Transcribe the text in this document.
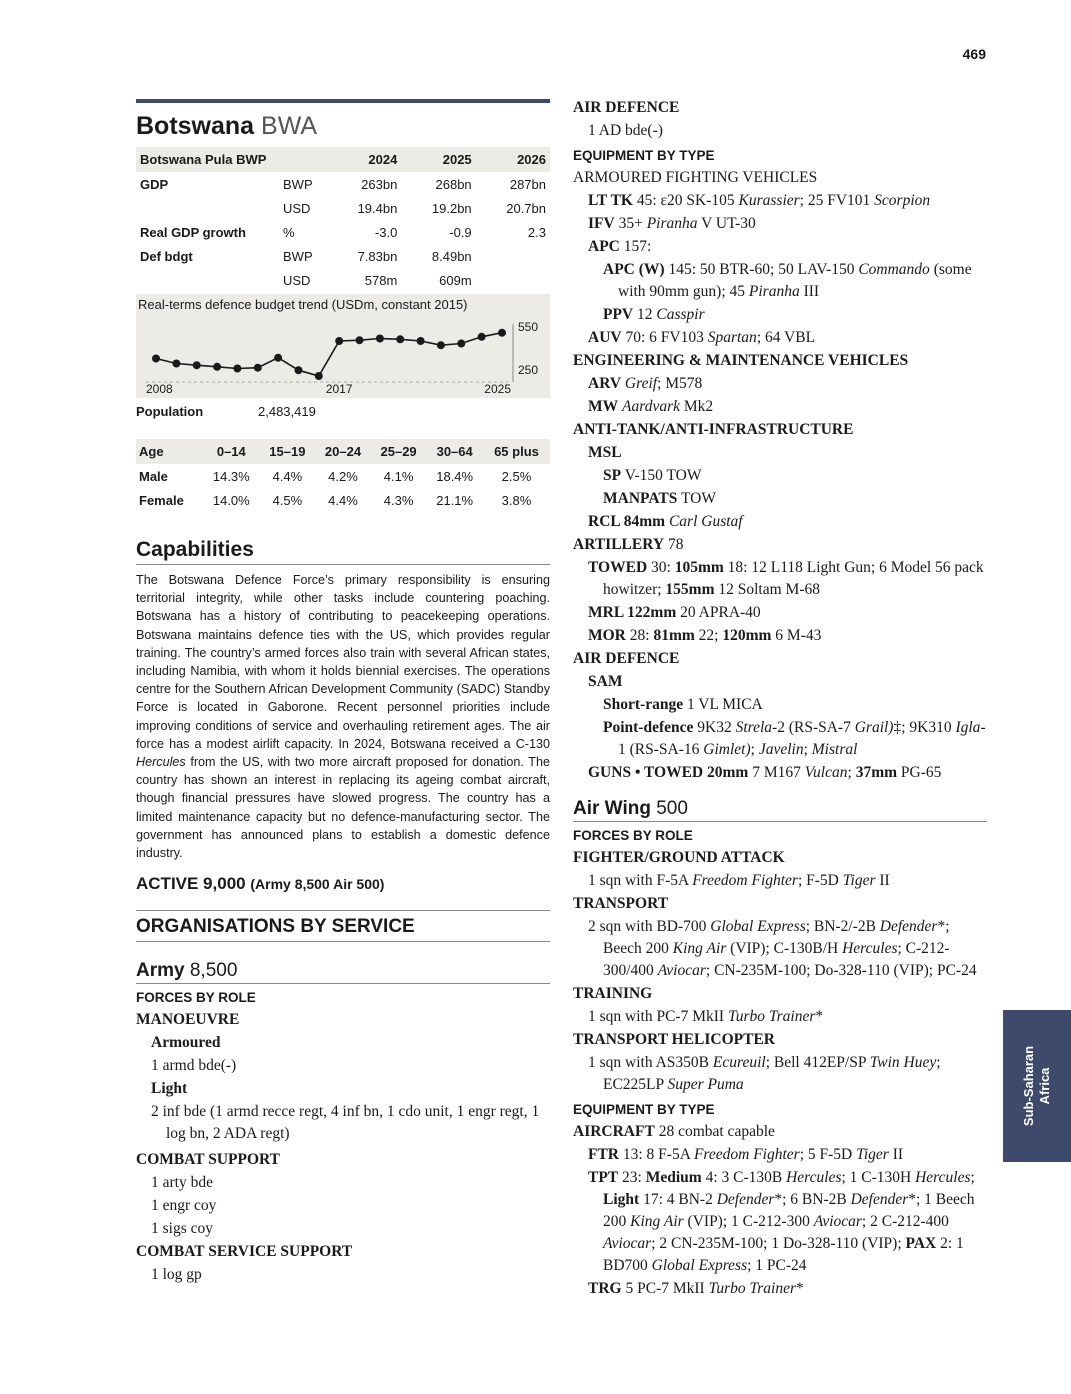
469
Botswana BWA
Botswana Pula BWP		2024	2025	2026
GDP	BWP	263bn	268bn	287bn
	USD	19.4bn	19.2bn	20.7bn
Real GDP growth	%	-3.0	-0.9	2.3
Def bdgt	BWP	7.83bn	8.49bn	
	USD	578m	609m	
Real-terms defence budget trend (USDm, constant 2015)
2008	2017	2025
550
250
Population	2,483,419
Age	0–14	15–19	20–24	25–29	30–64	65 plus
Male	14.3%	4.4%	4.2%	4.1%	18.4%	2.5%
Female	14.0%	4.5%	4.4%	4.3%	21.1%	3.8%
Capabilities

The Botswana Defence Force’s primary responsibility is ensuring territorial integrity, while other tasks include countering poaching. Botswana has a history of contributing to peacekeeping operations. Botswana maintains defence ties with the US, which provides regular training. The country’s armed forces also train with several African states, including Namibia, with whom it holds biennial exercises. The operations centre for the Southern African Development Community (SADC) Standby Force is located in Gaborone. Recent personnel priorities include improving conditions of service and overhauling retirement ages. The air force has a modest airlift capacity. In 2024, Botswana received a C-130 Hercules from the US, with two more aircraft proposed for donation. The country has shown an interest in replacing its ageing combat aircraft, though financial pressures have slowed progress. The country has a limited maintenance capacity but no defence-manufacturing sector. The government has announced plans to establish a domestic defence industry.

ACTIVE 9,000 (Army 8,500 Air 500)
ORGANISATIONS BY SERVICE
Army 8,500
FORCES BY ROLE
MANOEUVRE
Armoured
1 armd bde(-)
Light
2 inf bde (1 armd recce regt, 4 inf bn, 1 cdo unit, 1 engr regt, 1 log bn, 2 ADA regt)
COMBAT SUPPORT
1 arty bde
1 engr coy
1 sigs coy
COMBAT SERVICE SUPPORT
1 log gp
AIR DEFENCE
1 AD bde(-)
EQUIPMENT BY TYPE
ARMOURED FIGHTING VEHICLES
LT TK 45: ε20 SK-105 Kurassier; 25 FV101 Scorpion
IFV 35+ Piranha V UT-30
APC 157:
APC (W) 145: 50 BTR-60; 50 LAV-150 Commando (some with 90mm gun); 45 Piranha III
PPV 12 Casspir
AUV 70: 6 FV103 Spartan; 64 VBL
ENGINEERING & MAINTENANCE VEHICLES
ARV Greif; M578
MW Aardvark Mk2
ANTI-TANK/ANTI-INFRASTRUCTURE
MSL
SP V-150 TOW
MANPATS TOW
RCL 84mm Carl Gustaf
ARTILLERY 78
TOWED 30: 105mm 18: 12 L118 Light Gun; 6 Model 56 pack howitzer; 155mm 12 Soltam M-68
MRL 122mm 20 APRA-40
MOR 28: 81mm 22; 120mm 6 M-43
AIR DEFENCE
SAM
Short-range 1 VL MICA
Point-defence 9K32 Strela-2 (RS-SA-7 Grail)‡; 9K310 Igla-1 (RS-SA-16 Gimlet); Javelin; Mistral
GUNS • TOWED 20mm 7 M167 Vulcan; 37mm PG-65
Air Wing 500
FORCES BY ROLE
FIGHTER/GROUND ATTACK
1 sqn with F-5A Freedom Fighter; F-5D Tiger II
TRANSPORT
2 sqn with BD-700 Global Express; BN-2/-2B Defender*; Beech 200 King Air (VIP); C-130B/H Hercules; C-212-300/400 Aviocar; CN-235M-100; Do-328-110 (VIP); PC-24
TRAINING
1 sqn with PC-7 MkII Turbo Trainer*
TRANSPORT HELICOPTER
1 sqn with AS350B Ecureuil; Bell 412EP/SP Twin Huey; EC225LP Super Puma
EQUIPMENT BY TYPE
AIRCRAFT 28 combat capable
FTR 13: 8 F-5A Freedom Fighter; 5 F-5D Tiger II
TPT 23: Medium 4: 3 C-130B Hercules; 1 C-130H Hercules; Light 17: 4 BN-2 Defender*; 6 BN-2B Defender*; 1 Beech 200 King Air (VIP); 1 C-212-300 Aviocar; 2 C-212-400 Aviocar; 2 CN-235M-100; 1 Do-328-110 (VIP); PAX 2: 1 BD700 Global Express; 1 PC-24
TRG 5 PC-7 MkII Turbo Trainer*
Sub-Saharan Africa
